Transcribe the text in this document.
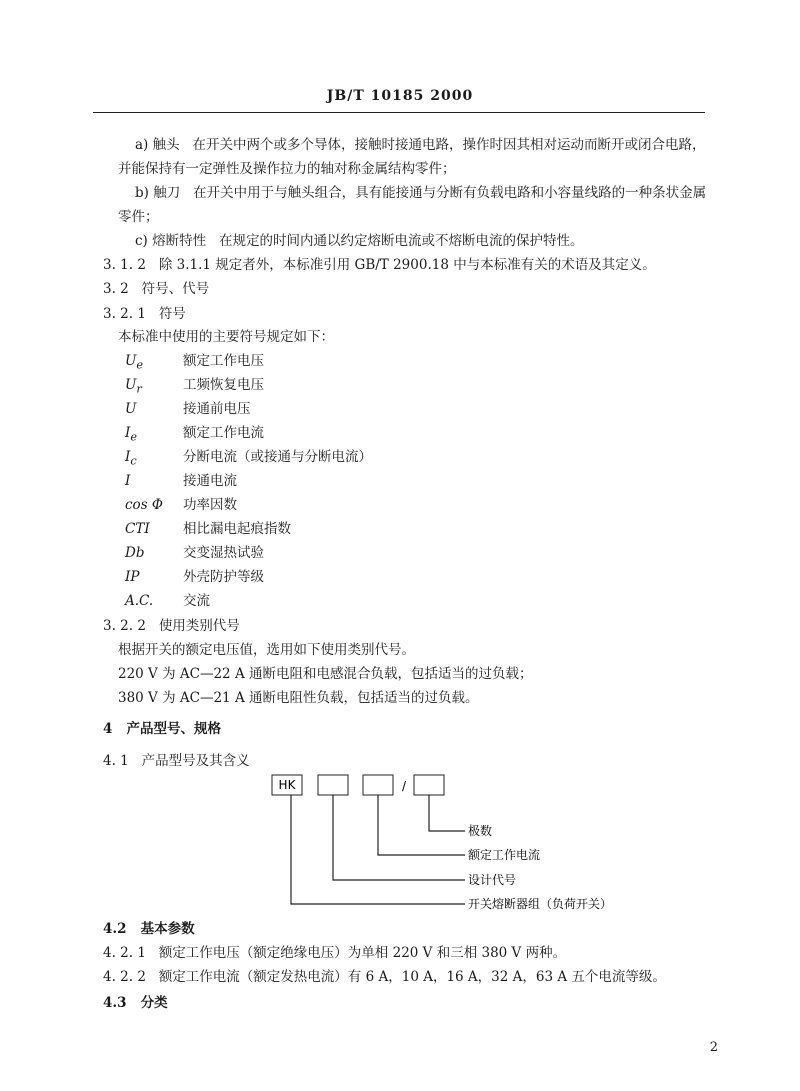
JB/T 10185 2000
a) 触头 在开关中两个或多个导体，接触时接通电路，操作时因其相对运动而断开或闭合电路，
并能保持有一定弹性及操作拉力的轴对称金属结构零件；
b) 触刀 在开关中用于与触头组合，具有能接通与分断有负载电路和小容量线路的一种条状金属
零件；
c) 熔断特性 在规定的时间内通以约定熔断电流或不熔断电流的保护特性。
3. 1. 2 除 3.1.1 规定者外，本标准引用 GB/T 2900.18 中与本标准有关的术语及其定义。
3. 2 符号、代号
3. 2. 1 符号
本标准中使用的主要符号规定如下：
$U_e$	额定工作电压
$U_r$	工频恢复电压
U	接通前电压
$I_e$	额定工作电流
$I_c$	分断电流（或接通与分断电流）
I	接通电流
cos Φ 功率因数
CTI 相比漏电起痕指数
Db	交变湿热试验
IP	外壳防护等级
A.C. 交流
3. 2. 2 使用类别代号
根据开关的额定电压值，选用如下使用类别代号。
220 V 为 AC—22 A 通断电阻和电感混合负载，包括适当的过负载；
380 V 为 AC—21 A 通断电阻性负载，包括适当的过负载。
4 产品型号、规格
4. 1 产品型号及其含义
HK	/
极数
额定工作电流
设计代号
开关熔断器组（负荷开关）
4.2 基本参数
4. 2. 1 额定工作电压（额定绝缘电压）为单相 220 V 和三相 380 V 两种。
4. 2. 2 额定工作电流（额定发热电流）有 6 A，10 A，16 A，32 A，63 A 五个电流等级。
4.3 分类
2
